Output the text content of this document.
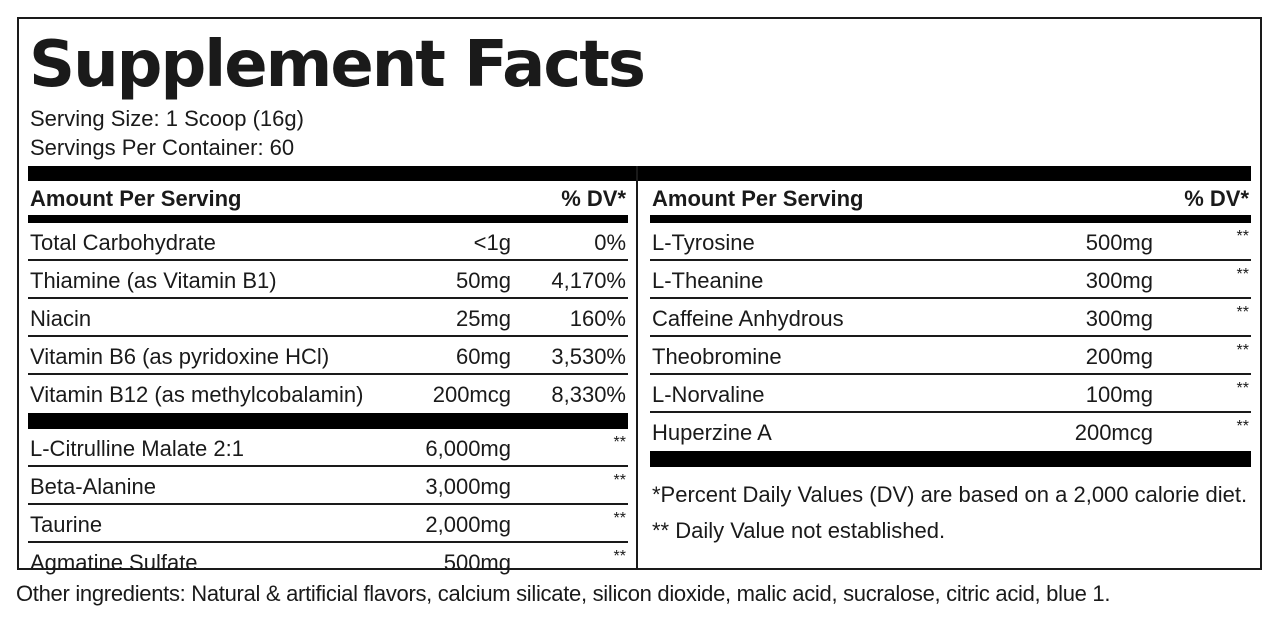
Supplement Facts
Serving Size: 1 Scoop (16g)
Servings Per Container: 60
Amount Per Serving	% DV*
Total Carbohydrate	<1g	0%
Thiamine (as Vitamin B1)	50mg 4,170%
Niacin	25mg	160%
Vitamin B6 (as pyridoxine HCl)	60mg 3,530%
Vitamin B12 (as methylcobalamin)	200mcg 8,330%
L-Citrulline Malate 2:1	6,000mg	**
Beta-Alanine	3,000mg	**
Taurine	2,000mg	**
Agmatine Sulfate	500mg	**
Amount Per Serving	% DV*
L-Tyrosine	500mg	**
L-Theanine	300mg	**
Caffeine Anhydrous	300mg	**
Theobromine	200mg	**
L-Norvaline	100mg	**
Huperzine A	200mcg	**
*Percent Daily Values (DV) are based on a 2,000 calorie diet.
** Daily Value not established.
Other ingredients: Natural & artificial flavors, calcium silicate, silicon dioxide, malic acid, sucralose, citric acid, blue 1.
